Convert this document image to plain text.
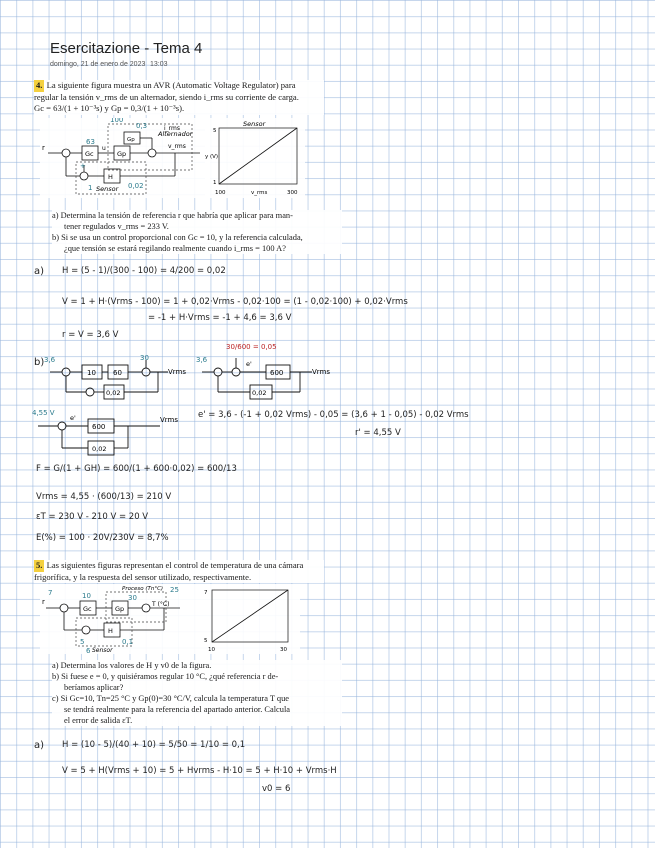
Esercitazione - Tema 4
domingo, 21 de enero de 2023 13:03
4. La siguiente figura muestra un AVR (Automatic Voltage Regulator) para
regular la tensión v_rms de un alternador, siendo i_rms su corriente de carga.
Gc = 63/(1 + 10⁻³s) y Gp = 0,3/(1 + 10⁻³s).
r
Gc	Gp
u
Gp
Alternador
v_rms
i_rms
H
Sensor
100
0,3
63
0,02
1
+
Sensor
y (V)
5
1
100	v_rms	300
a) Determina la tensión de referencia r que habría que aplicar para man-
tener regulados v_rms = 233 V.
b) Si se usa un control proporcional con Gc = 10, y la referencia calculada,
¿que tensión se estará regilando realmente cuando i_rms = 100 A?
a) H = (5 - 1)/(300 - 100) = 4/200 = 0,02
V = 1 + H·(Vrms - 100) = 1 + 0,02·Vrms - 0,02·100 = (1 - 0,02·100) + 0,02·Vrms
= -1 + H·Vrms = -1 + 4,6 = 3,6 V
r = V = 3,6 V
b) 3,6	30
10 60
0,02
Vrms
3,6
30/600 = 0,05
600
0,02
e'
Vrms
4,55 V
600
0,02
e'	Vrms e' = 3,6 - (-1 + 0,02 Vrms) - 0,05 = (3,6 + 1 - 0,05) - 0,02 Vrms
r' = 4,55 V
F = G/(1 + GH) = 600/(1 + 600·0,02) = 600/13
Vrms = 4,55 · (600/13) = 210 V
εT = 230 V - 210 V = 20 V
E(%) = 100 · 20V/230V = 8,7%
5. Las siguientes figuras representan el control de temperatura de una cámara
frigorífica, y la respuesta del sensor utilizado, respectivamente.
r
Gc	Gp
H
T (°C)
Proceso (Tn°C)
Sensor
7	25
10	30
0,1
5
6
7
5
10	30
a) Determina los valores de H y v0 de la figura.
b) Si fuese e = 0, y quisiéramos regular 10 °C, ¿qué referencia r de-
beríamos aplicar?
c) Si Gc=10, Tn=25 °C y Gp(0)=30 °C/V, calcula la temperatura T que
se tendrá realmente para la referencia del apartado anterior. Calcula
el error de salida εT.
a) H = (10 - 5)/(40 + 10) = 5/50 = 1/10 = 0,1
V = 5 + H(Vrms + 10) = 5 + Hvrms - H·10 = 5 + H·10 + Vrms·H
v0 = 6
